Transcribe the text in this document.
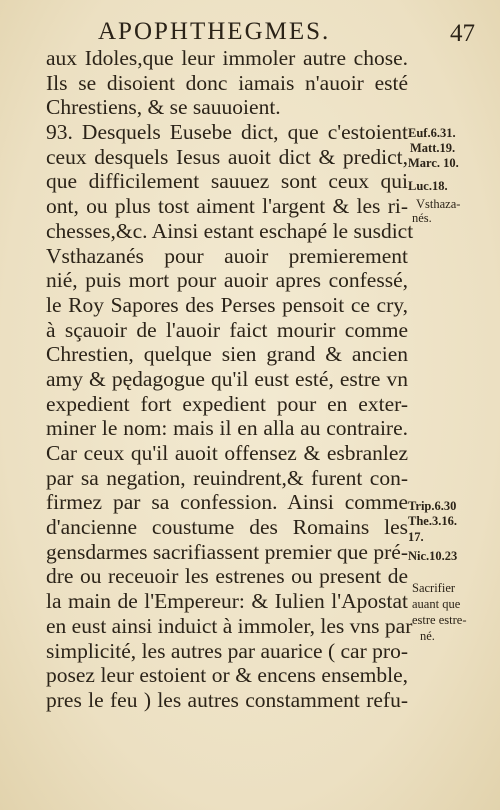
APOPHTHEGMES.	47
aux Idoles,que leur immoler autre chose.
Ils se disoient donc iamais n'auoir esté
Chrestiens, & se sauuoient.
93. Desquels Eusebe dict, que c'estoient
ceux desquels Iesus auoit dict & predict,
que difficilement sauuez sont ceux qui
ont, ou plus tost aiment l'argent & les ri-
chesses,&c. Ainsi estant eschapé le susdict
Vsthazanés pour auoir premierement
nié, puis mort pour auoir apres confessé,
le Roy Sapores des Perses pensoit ce cry,
à sçauoir de l'auoir faict mourir comme
Chrestien, quelque sien grand & ancien
amy & pędagogue qu'il eust esté, estre vn
expedient fort expedient pour en exter-
miner le nom: mais il en alla au contraire.
Car ceux qu'il auoit offensez & esbranlez
par sa negation, reuindrent,& furent con-
firmez par sa confession. Ainsi comme
d'ancienne coustume des Romains les
gensdarmes sacrifiassent premier que pré-
dre ou receuoir les estrenes ou present de
la main de l'Empereur: & Iulien l'Apostat
en eust ainsi induict à immoler, les vns par
simplicité, les autres par auarice ( car pro-
posez leur estoient or & encens ensemble,
pres le feu ) les autres constamment refu-
Euf.6.31.
Matt.19.
Marc. 10.
Luc.18.
Vsthaza-
nés.
Trip.6.30
The.3.16.
17.
Nic.10.23
Sacrifier
auant que
estre estre-
né.
